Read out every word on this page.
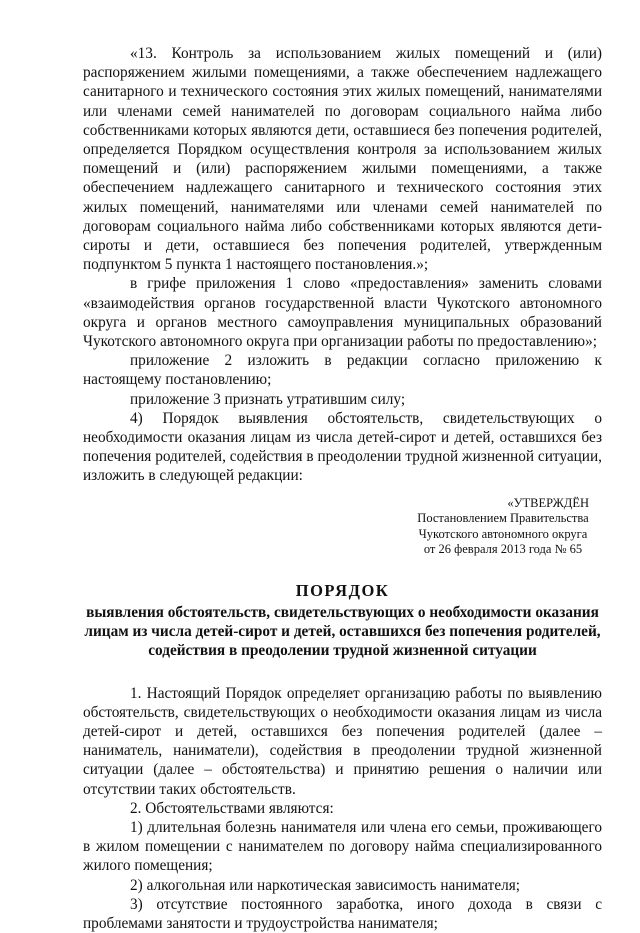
«13. Контроль за использованием жилых помещений и (или) распоряжением жилыми помещениями, а также обеспечением надлежащего санитарного и технического состояния этих жилых помещений, нанимателями или членами семей нанимателей по договорам социального найма либо собственниками которых являются дети, оставшиеся без попечения родителей, определяется Порядком осуществления контроля за использованием жилых помещений и (или) распоряжением жилыми помещениями, а также обеспечением надлежащего санитарного и технического состояния этих жилых помещений, нанимателями или членами семей нанимателей по договорам социального найма либо собственниками которых являются дети-сироты и дети, оставшиеся без попечения родителей, утвержденным подпунктом 5 пункта 1 настоящего постановления.»;

в грифе приложения 1 слово «предоставления» заменить словами «взаимодействия органов государственной власти Чукотского автономного округа и органов местного самоуправления муниципальных образований Чукотского автономного округа при организации работы по предоставлению»;

приложение 2 изложить в редакции согласно приложению к настоящему постановлению;

приложение 3 признать утратившим силу;

4) Порядок выявления обстоятельств, свидетельствующих о необходимости оказания лицам из числа детей-сирот и детей, оставшихся без попечения родителей, содействия в преодолении трудной жизненной ситуации, изложить в следующей редакции:

«УТВЕРЖДЁН
Постановлением Правительства
Чукотского автономного округа
от 26 февраля 2013 года № 65
ПОРЯДОК
выявления обстоятельств, свидетельствующих о необходимости оказания лицам из числа детей-сирот и детей, оставшихся без попечения родителей, содействия в преодолении трудной жизненной ситуации

1. Настоящий Порядок определяет организацию работы по выявлению обстоятельств, свидетельствующих о необходимости оказания лицам из числа детей-сирот и детей, оставшихся без попечения родителей (далее – наниматель, наниматели), содействия в преодолении трудной жизненной ситуации (далее – обстоятельства) и принятию решения о наличии или отсутствии таких обстоятельств.

2. Обстоятельствами являются:

1) длительная болезнь нанимателя или члена его семьи, проживающего в жилом помещении с нанимателем по договору найма специализированного жилого помещения;

2) алкогольная или наркотическая зависимость нанимателя;

3) отсутствие постоянного заработка, иного дохода в связи с проблемами занятости и трудоустройства нанимателя;
